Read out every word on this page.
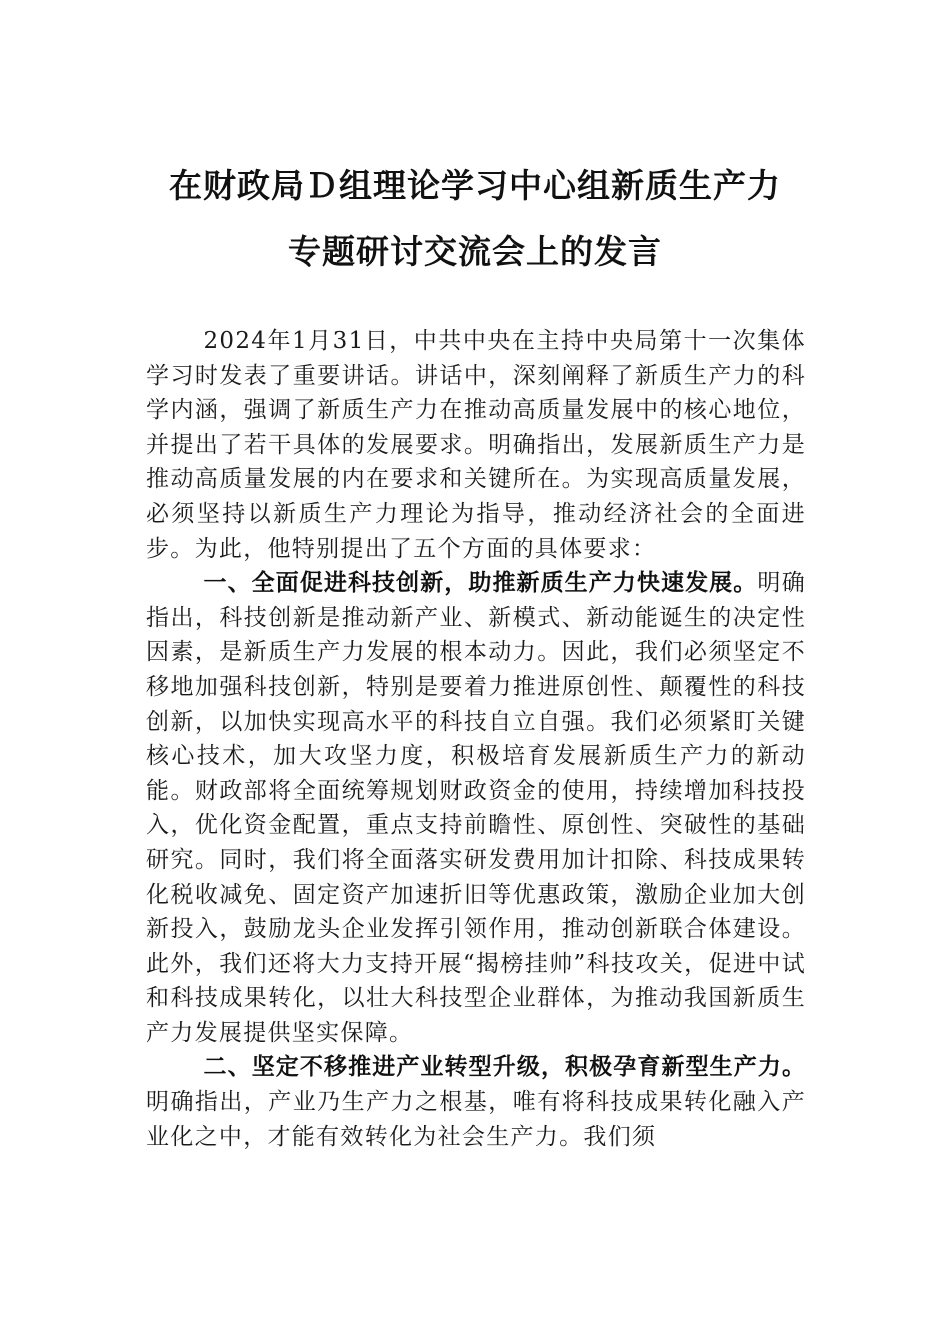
在财政局Ｄ组理论学习中心组新质生产力
专题研讨交流会上的发言

2024年1月31日，中共中央在主持中央局第十一次集体学习时发表了重要讲话。讲话中，深刻阐释了新质生产力的科学内涵，强调了新质生产力在推动高质量发展中的核心地位，并提出了若干具体的发展要求。明确指出，发展新质生产力是推动高质量发展的内在要求和关键所在。为实现高质量发展，必须坚持以新质生产力理论为指导，推动经济社会的全面进步。为此，他特别提出了五个方面的具体要求：

一、全面促进科技创新，助推新质生产力快速发展。明确指出，科技创新是推动新产业、新模式、新动能诞生的决定性因素，是新质生产力发展的根本动力。因此，我们必须坚定不移地加强科技创新，特别是要着力推进原创性、颠覆性的科技创新，以加快实现高水平的科技自立自强。我们必须紧盯关键核心技术，加大攻坚力度，积极培育发展新质生产力的新动能。财政部将全面统筹规划财政资金的使用，持续增加科技投入，优化资金配置，重点支持前瞻性、原创性、突破性的基础研究。同时，我们将全面落实研发费用加计扣除、科技成果转化税收减免、固定资产加速折旧等优惠政策，激励企业加大创新投入，鼓励龙头企业发挥引领作用，推动创新联合体建设。此外，我们还将大力支持开展“揭榜挂帅”科技攻关，促进中试和科技成果转化，以壮大科技型企业群体，为推动我国新质生产力发展提供坚实保障。

二、坚定不移推进产业转型升级，积极孕育新型生产力。明确指出，产业乃生产力之根基，唯有将科技成果转化融入产业化之中，才能有效转化为社会生产力。我们须
